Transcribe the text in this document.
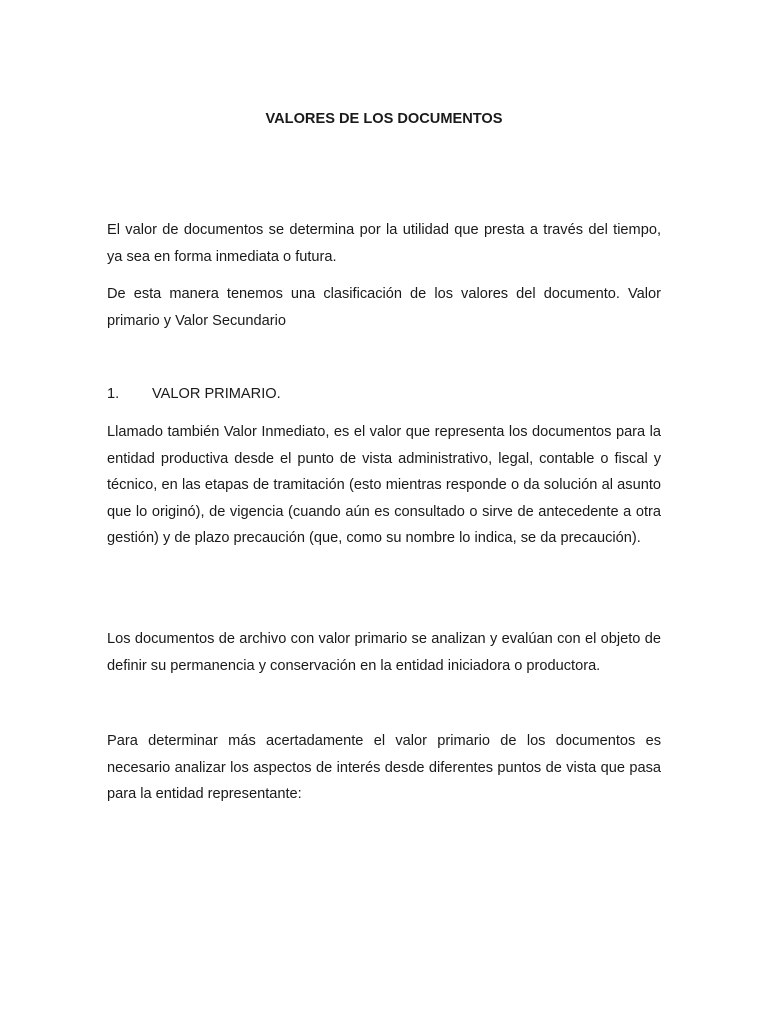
VALORES DE LOS DOCUMENTOS

El valor de documentos se determina por la utilidad que presta a través del tiempo, ya sea en forma inmediata o futura.

De esta manera tenemos una clasificación de los valores del documento. Valor primario y Valor Secundario

1. VALOR PRIMARIO.

Llamado también Valor Inmediato, es el valor que representa los documentos para la entidad productiva desde el punto de vista administrativo, legal, contable o fiscal y técnico, en las etapas de tramitación (esto mientras responde o da solución al asunto que lo originó), de vigencia (cuando aún es consultado o sirve de antecedente a otra gestión) y de plazo precaución (que, como su nombre lo indica, se da precaución).

Los documentos de archivo con valor primario se analizan y evalúan con el objeto de definir su permanencia y conservación en la entidad iniciadora o productora.

Para determinar más acertadamente el valor primario de los documentos es necesario analizar los aspectos de interés desde diferentes puntos de vista que pasa para la entidad representante:
